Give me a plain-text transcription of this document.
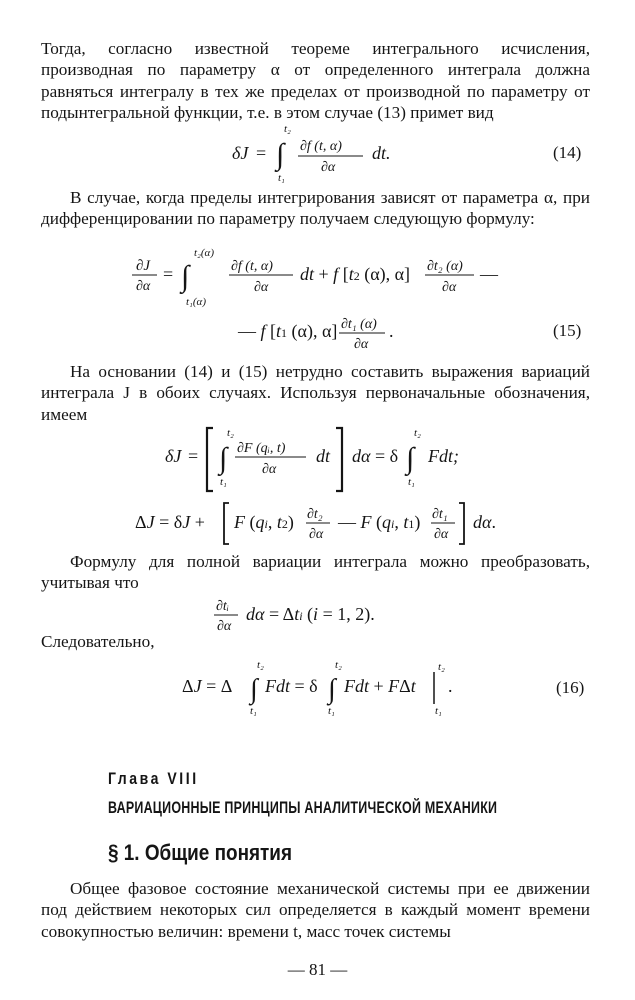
Тогда, согласно известной теореме интегрального исчисления, производная по параметру α от определенного интеграла должна равняться интегралу в тех же пределах от производной по параметру от подынтегральной функции, т.е. в этом случае (13) примет вид
δJ = ∫
t₂
t₁
∂f (t, α)
∂α
dt.	(14)
В случае, когда пределы интегрирования зависят от параметра α, при дифференцировании по параметру получаем следующую формулу:
∂J
∂α
= ∫
t₂(α)
t₁(α)
∂f (t, α)
∂α
dt + f [t2 (α), α] ∂t₂ (α)
∂α
—
— f [t1 (α), α] ∂t₁ (α)
∂α
.	(15)
На основании (14) и (15) нетрудно составить выражения вариаций интеграла J в обоих случаях. Используя первоначальные обозначения, имеем
δJ = ∫
t₂
t₁
∂F (qᵢ, t)
∂α
dt dα = δ ∫
t₂
t₁
Fdt;
ΔJ = δJ + F (qi, t2) ∂t₂
∂α
— F (qi, t1) ∂t₁
∂α
dα.
Формулу для полной вариации интеграла можно преобразовать, учитывая что
∂tᵢ
∂α
dα = Δti (i = 1, 2).
Следовательно,
ΔJ = Δ ∫
t₂
t₁
Fdt = δ ∫
t₂
t₁
Fdt + FΔt
t₂
t₁
.	(16)
Глава VIII
ВАРИАЦИОННЫЕ ПРИНЦИПЫ АНАЛИТИЧЕСКОЙ МЕХАНИКИ
§ 1. Общие понятия
Общее фазовое состояние механической системы при ее движении под действием некоторых сил определяется в каждый момент времени совокупностью величин: времени t, масс точек системы
— 81 —
